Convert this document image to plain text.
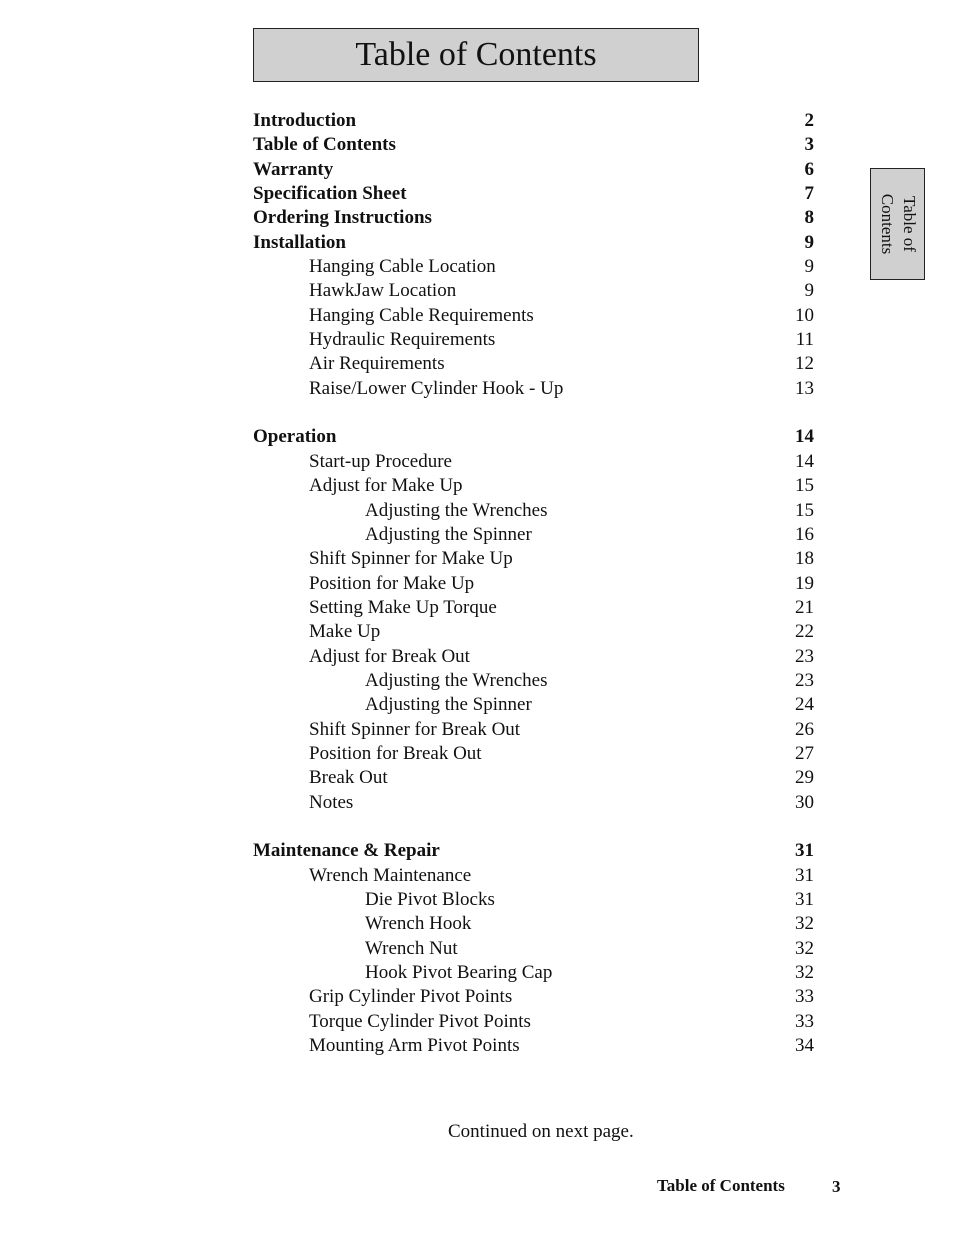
Table of Contents
Table of
Contents
Introduction	2
Table of Contents	3
Warranty	6
Specification Sheet	7
Ordering Instructions	8
Installation	9
Hanging Cable Location	9
HawkJaw Location	9
Hanging Cable Requirements	10
Hydraulic Requirements	11
Air Requirements	12
Raise/Lower Cylinder Hook - Up	13
Operation	14
Start-up Procedure	14
Adjust for Make Up	15
Adjusting the Wrenches	15
Adjusting the Spinner	16
Shift Spinner for Make Up	18
Position for Make Up	19
Setting Make Up Torque	21
Make Up	22
Adjust for Break Out	23
Adjusting the Wrenches	23
Adjusting the Spinner	24
Shift Spinner for Break Out	26
Position for Break Out	27
Break Out	29
Notes	30
Maintenance & Repair	31
Wrench Maintenance	31
Die Pivot Blocks	31
Wrench Hook	32
Wrench Nut	32
Hook Pivot Bearing Cap	32
Grip Cylinder Pivot Points	33
Torque Cylinder Pivot Points	33
Mounting Arm Pivot Points	34
Continued on next page.
Table of Contents	3
